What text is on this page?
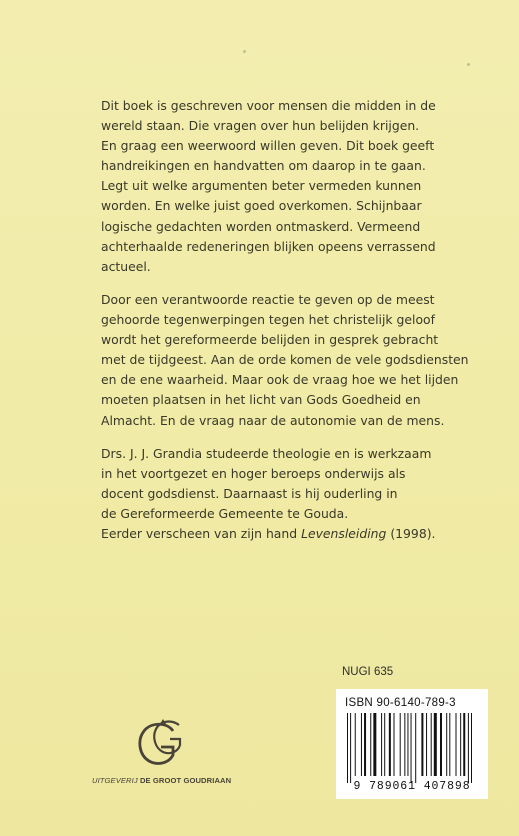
Dit boek is geschreven voor mensen die midden in de
wereld staan. Die vragen over hun belijden krijgen.
En graag een weerwoord willen geven. Dit boek geeft
handreikingen en handvatten om daarop in te gaan.
Legt uit welke argumenten beter vermeden kunnen
worden. En welke juist goed overkomen. Schijnbaar
logische gedachten worden ontmaskerd. Vermeend
achterhaalde redeneringen blijken opeens verrassend
actueel.
Door een verantwoorde reactie te geven op de meest
gehoorde tegenwerpingen tegen het christelijk geloof
wordt het gereformeerde belijden in gesprek gebracht
met de tijdgeest. Aan de orde komen de vele godsdiensten
en de ene waarheid. Maar ook de vraag hoe we het lijden
moeten plaatsen in het licht van Gods Goedheid en
Almacht. En de vraag naar de autonomie van de mens.
Drs. J. J. Grandia studeerde theologie en is werkzaam
in het voortgezet en hoger beroeps onderwijs als
docent godsdienst. Daarnaast is hij ouderling in
de Gereformeerde Gemeente te Gouda.
Eerder verscheen van zijn hand Levensleiding (1998).
NUGI 635
ISBN 90-6140-789-3
9 789061 407898
UITGEVERIJ DE GROOT GOUDRIAAN
